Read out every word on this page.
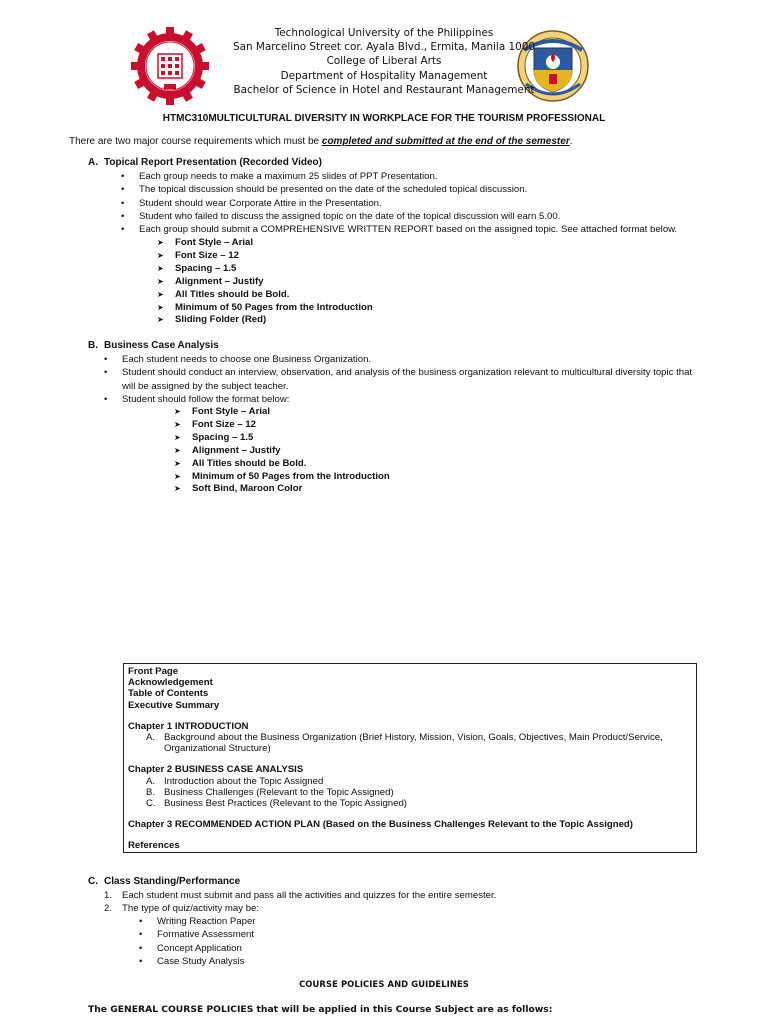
Technological University of the Philippines
San Marcelino Street cor. Ayala Blvd., Ermita, Manila 1000
College of Liberal Arts
Department of Hospitality Management
Bachelor of Science in Hotel and Restaurant Management
HTMC310MULTICULTURAL DIVERSITY IN WORKPLACE FOR THE TOURISM PROFESSIONAL
There are two major course requirements which must be completed and submitted at the end of the semester.
A. Topical Report Presentation (Recorded Video)
• Each group needs to make a maximum 25 slides of PPT Presentation.
• The topical discussion should be presented on the date of the scheduled topical discussion.
• Student should wear Corporate Attire in the Presentation.
• Student who failed to discuss the assigned topic on the date of the topical discussion will earn 5.00.
• Each group should submit a COMPREHENSIVE WRITTEN REPORT based on the assigned topic. See attached format below.
➤ Font Style – Arial
➤ Font Size – 12
➤ Spacing – 1.5
➤ Alignment – Justify
➤ All Titles should be Bold.
➤ Minimum of 50 Pages from the Introduction
➤ Sliding Folder (Red)
B. Business Case Analysis
• Each student needs to choose one Business Organization.
• Student should conduct an interview, observation, and analysis of the business organization relevant to multicultural diversity topic that will be assigned by the subject teacher.
• Student should follow the format below:
➤ Font Style – Arial
➤ Font Size – 12
➤ Spacing – 1.5
➤ Alignment – Justify
➤ All Titles should be Bold.
➤ Minimum of 50 Pages from the Introduction
➤ Soft Bind, Maroon Color
Front Page
Acknowledgement
Table of Contents
Executive Summary
Chapter 1 INTRODUCTION
A. Background about the Business Organization (Brief History, Mission, Vision, Goals, Objectives, Main Product/Service, Organizational Structure)
Chapter 2 BUSINESS CASE ANALYSIS
A. Introduction about the Topic Assigned
B. Business Challenges (Relevant to the Topic Assigned)
C. Business Best Practices (Relevant to the Topic Assigned)
Chapter 3 RECOMMENDED ACTION PLAN (Based on the Business Challenges Relevant to the Topic Assigned)
References
C. Class Standing/Performance
1. Each student must submit and pass all the activities and quizzes for the entire semester.
2. The type of quiz/activity may be:
• Writing Reaction Paper
• Formative Assessment
• Concept Application
• Case Study Analysis
COURSE POLICIES AND GUIDELINES
The GENERAL COURSE POLICIES that will be applied in this Course Subject are as follows:
